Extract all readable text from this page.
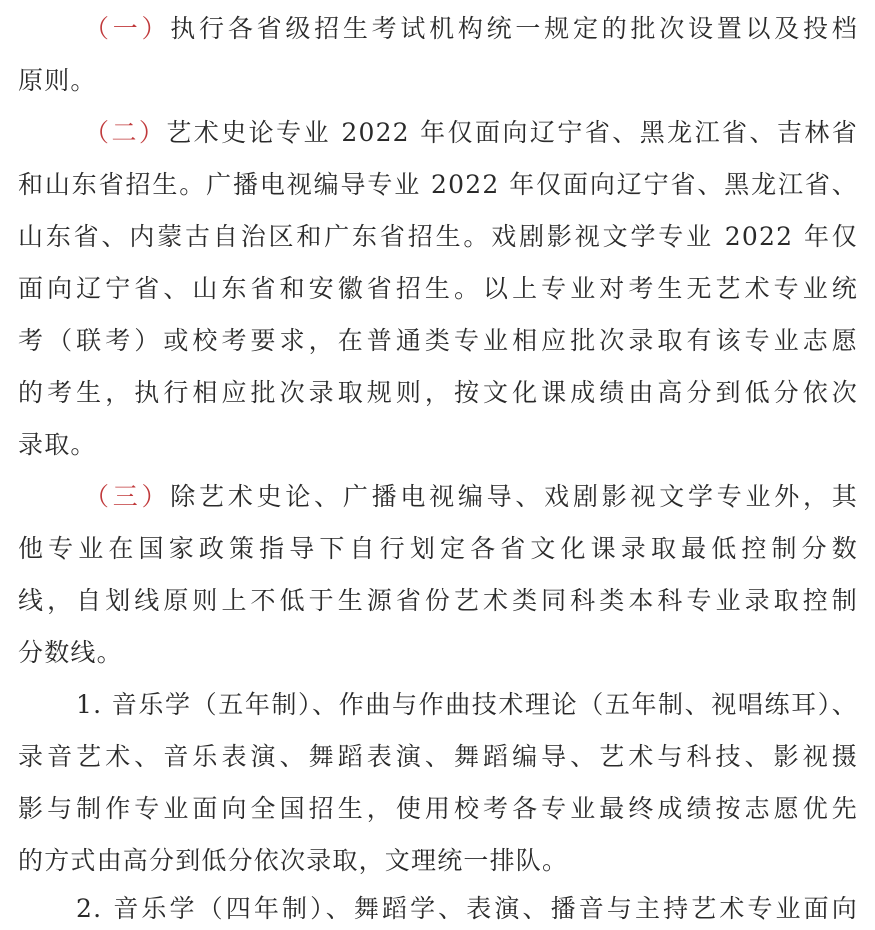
（一）执行各省级招生考试机构统一规定的批次设置以及投档
原则。
（二）艺术史论专业 2022 年仅面向辽宁省、黑龙江省、吉林省
和山东省招生。广播电视编导专业 2022 年仅面向辽宁省、黑龙江省、
山东省、内蒙古自治区和广东省招生。戏剧影视文学专业 2022 年仅
面向辽宁省、山东省和安徽省招生。以上专业对考生无艺术专业统
考（联考）或校考要求，在普通类专业相应批次录取有该专业志愿
的考生，执行相应批次录取规则，按文化课成绩由高分到低分依次
录取。
（三）除艺术史论、广播电视编导、戏剧影视文学专业外，其
他专业在国家政策指导下自行划定各省文化课录取最低控制分数
线，自划线原则上不低于生源省份艺术类同科类本科专业录取控制
分数线。
1. 音乐学（五年制）、作曲与作曲技术理论（五年制、视唱练耳）、
录音艺术、音乐表演、舞蹈表演、舞蹈编导、艺术与科技、影视摄
影与制作专业面向全国招生，使用校考各专业最终成绩按志愿优先
的方式由高分到低分依次录取，文理统一排队。
2. 音乐学（四年制）、舞蹈学、表演、播音与主持艺术专业面向
